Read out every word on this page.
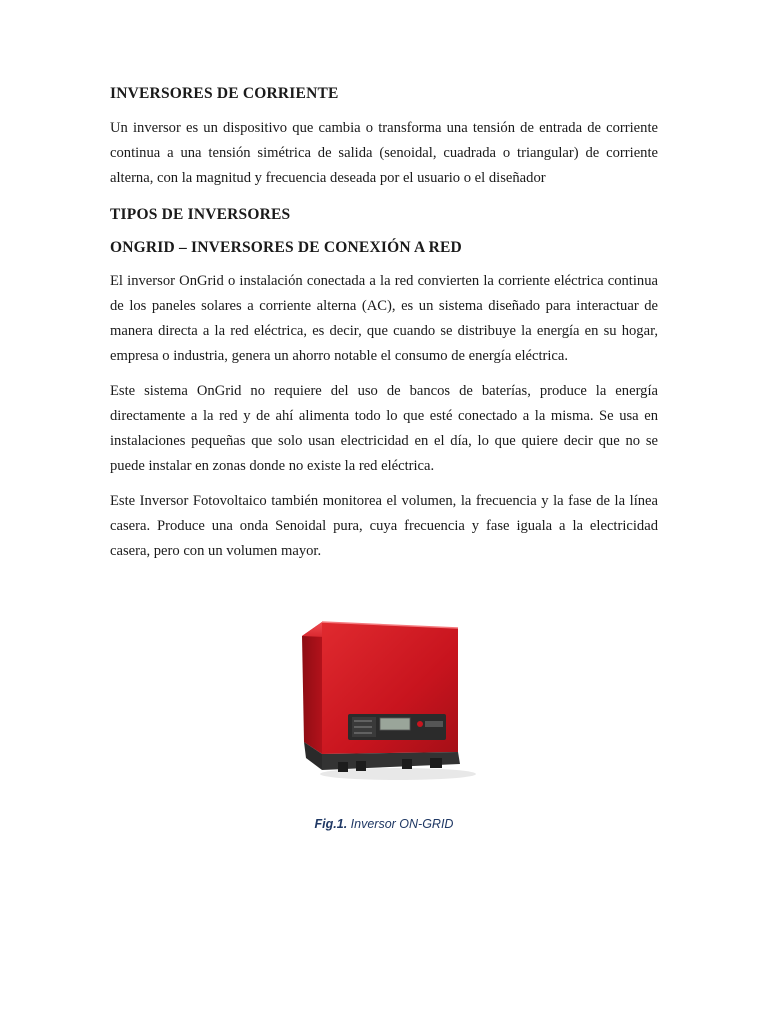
INVERSORES DE CORRIENTE

Un inversor es un dispositivo que cambia o transforma una tensión de entrada de corriente continua a una tensión simétrica de salida (senoidal, cuadrada o triangular) de corriente alterna, con la magnitud y frecuencia deseada por el usuario o el diseñador

TIPOS DE INVERSORES
ONGRID – INVERSORES DE CONEXIÓN A RED

El inversor OnGrid o instalación conectada a la red convierten la corriente eléctrica continua de los paneles solares a corriente alterna (AC), es un sistema diseñado para interactuar de manera directa a la red eléctrica, es decir, que cuando se distribuye la energía en su hogar, empresa o industria, genera un ahorro notable el consumo de energía eléctrica.

Este sistema OnGrid no requiere del uso de bancos de baterías, produce la energía directamente a la red y de ahí alimenta todo lo que esté conectado a la misma. Se usa en instalaciones pequeñas que solo usan electricidad en el día, lo que quiere decir que no se puede instalar en zonas donde no existe la red eléctrica.

Este Inversor Fotovoltaico también monitorea el volumen, la frecuencia y la fase de la línea casera. Produce una onda Senoidal pura, cuya frecuencia y fase iguala a la electricidad casera, pero con un volumen mayor.

Fig.1. Inversor ON-GRID
